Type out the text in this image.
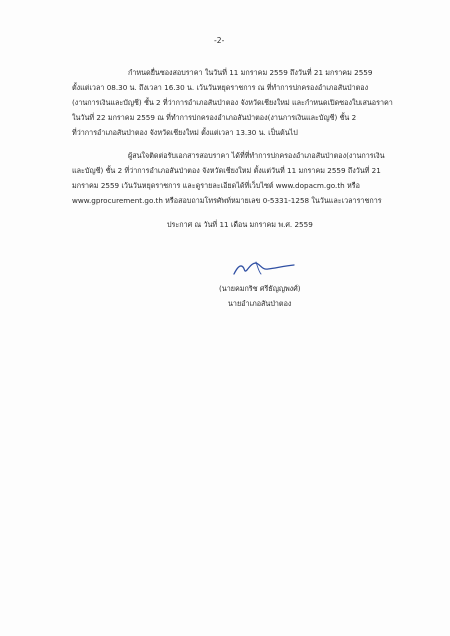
-2-
กำหนดยื่นซองสอบราคา ในวันที่ 11 มกราคม 2559 ถึงวันที่ 21 มกราคม 2559
ตั้งแต่เวลา 08.30 น. ถึงเวลา 16.30 น. เว้นวันหยุดราชการ ณ ที่ทำการปกครองอำเภอสันป่าตอง
(งานการเงินและบัญชี) ชั้น 2 ที่ว่าการอำเภอสันป่าตอง จังหวัดเชียงใหม่ และกำหนดเปิดซองใบเสนอราคา
ในวันที่ 22 มกราคม 2559 ณ ที่ทำการปกครองอำเภอสันป่าตอง(งานการเงินและบัญชี) ชั้น 2
ที่ว่าการอำเภอสันป่าตอง จังหวัดเชียงใหม่ ตั้งแต่เวลา 13.30 น. เป็นต้นไป
ผู้สนใจติดต่อรับเอกสารสอบราคา ได้ที่ที่ทำการปกครองอำเภอสันป่าตอง(งานการเงิน
และบัญชี) ชั้น 2 ที่ว่าการอำเภอสันป่าตอง จังหวัดเชียงใหม่ ตั้งแต่วันที่ 11 มกราคม 2559 ถึงวันที่ 21
มกราคม 2559 เว้นวันหยุดราชการ และดูรายละเอียดได้ที่เว็บไซต์ www.dopacm.go.th หรือ
www.gprocurement.go.th หรือสอบถามโทรศัพท์หมายเลข 0-5331-1258 ในวันและเวลาราชการ
ประกาศ ณ วันที่ 11 เดือน มกราคม พ.ศ. 2559
(นายคมกริช ศรีธัญญพงศ์)
นายอำเภอสันป่าตอง
